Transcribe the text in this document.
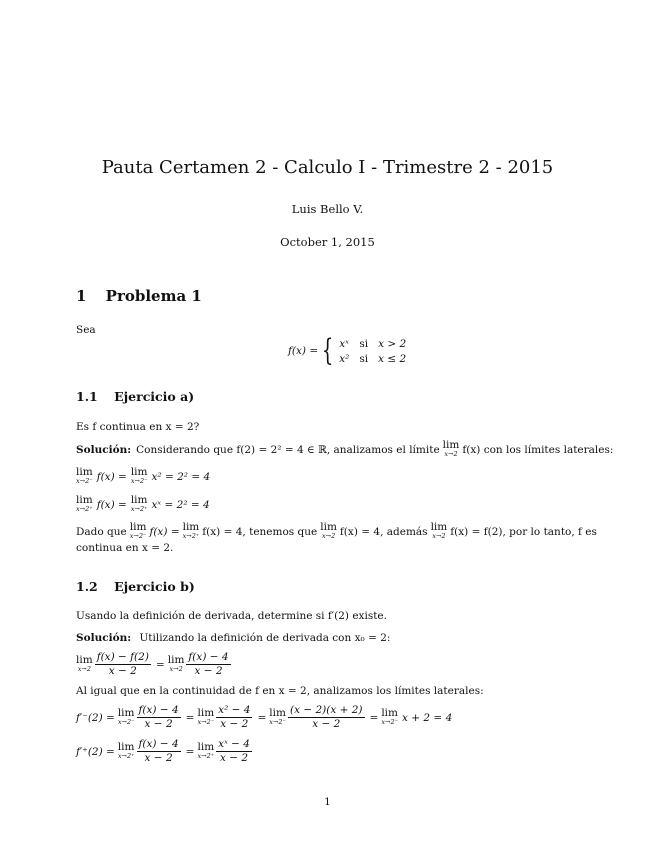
Pauta Certamen 2 - Calculo I - Trimestre 2 - 2015
Luis Bello V.
October 1, 2015
1 Problema 1
Sea
f(x) = { xˣ si x > 2
x² si x ≤ 2
1.1 Ejercicio a)
Es f continua en x = 2?
Solución: Considerando que f(2) = 2² = 4 ∈ ℝ, analizamos el límite lim
x→2 f(x) con los límites laterales:
lim
x→2⁻ f(x) = lim
x→2⁻ x² = 2² = 4
lim
x→2⁺ f(x) = lim
x→2⁺ xˣ = 2² = 4
Dado que lim
x→2⁻ f(x) = lim
x→2⁺ f(x) = 4, tenemos que lim
x→2 f(x) = 4, además lim
x→2 f(x) = f(2), por lo tanto, f es
continua en x = 2.
1.2 Ejercicio b)
Usando la definición de derivada, determine si f′(2) existe.
Solución: Utilizando la definición de derivada con x₀ = 2:
lim
$x\to 2 \frac{f(x) - f(2)}{x - 2} = \lim$
$x\to 2 \frac{f(x) - 4}{x - 2}$
Al igual que en la continuidad de f en x = 2, analizamos los límites laterales:
f′⁻(2) = lim
$x\to 2^- \frac{f(x) - 4}{x - 2} = \lim$
$x\to 2^- \frac{\text{x² − 4}}{x - 2} = \lim$
$x\to 2^- \frac{(x - 2)(x + 2)}{x - 2} = \lim$
x→2⁻ x + 2 = 4
f′⁺(2) = lim
$x\to 2^+ \frac{f(x) - 4}{x - 2} = \lim$
$x\to 2^+ \frac{\text{xˣ − 4}}{x - 2}$
1
